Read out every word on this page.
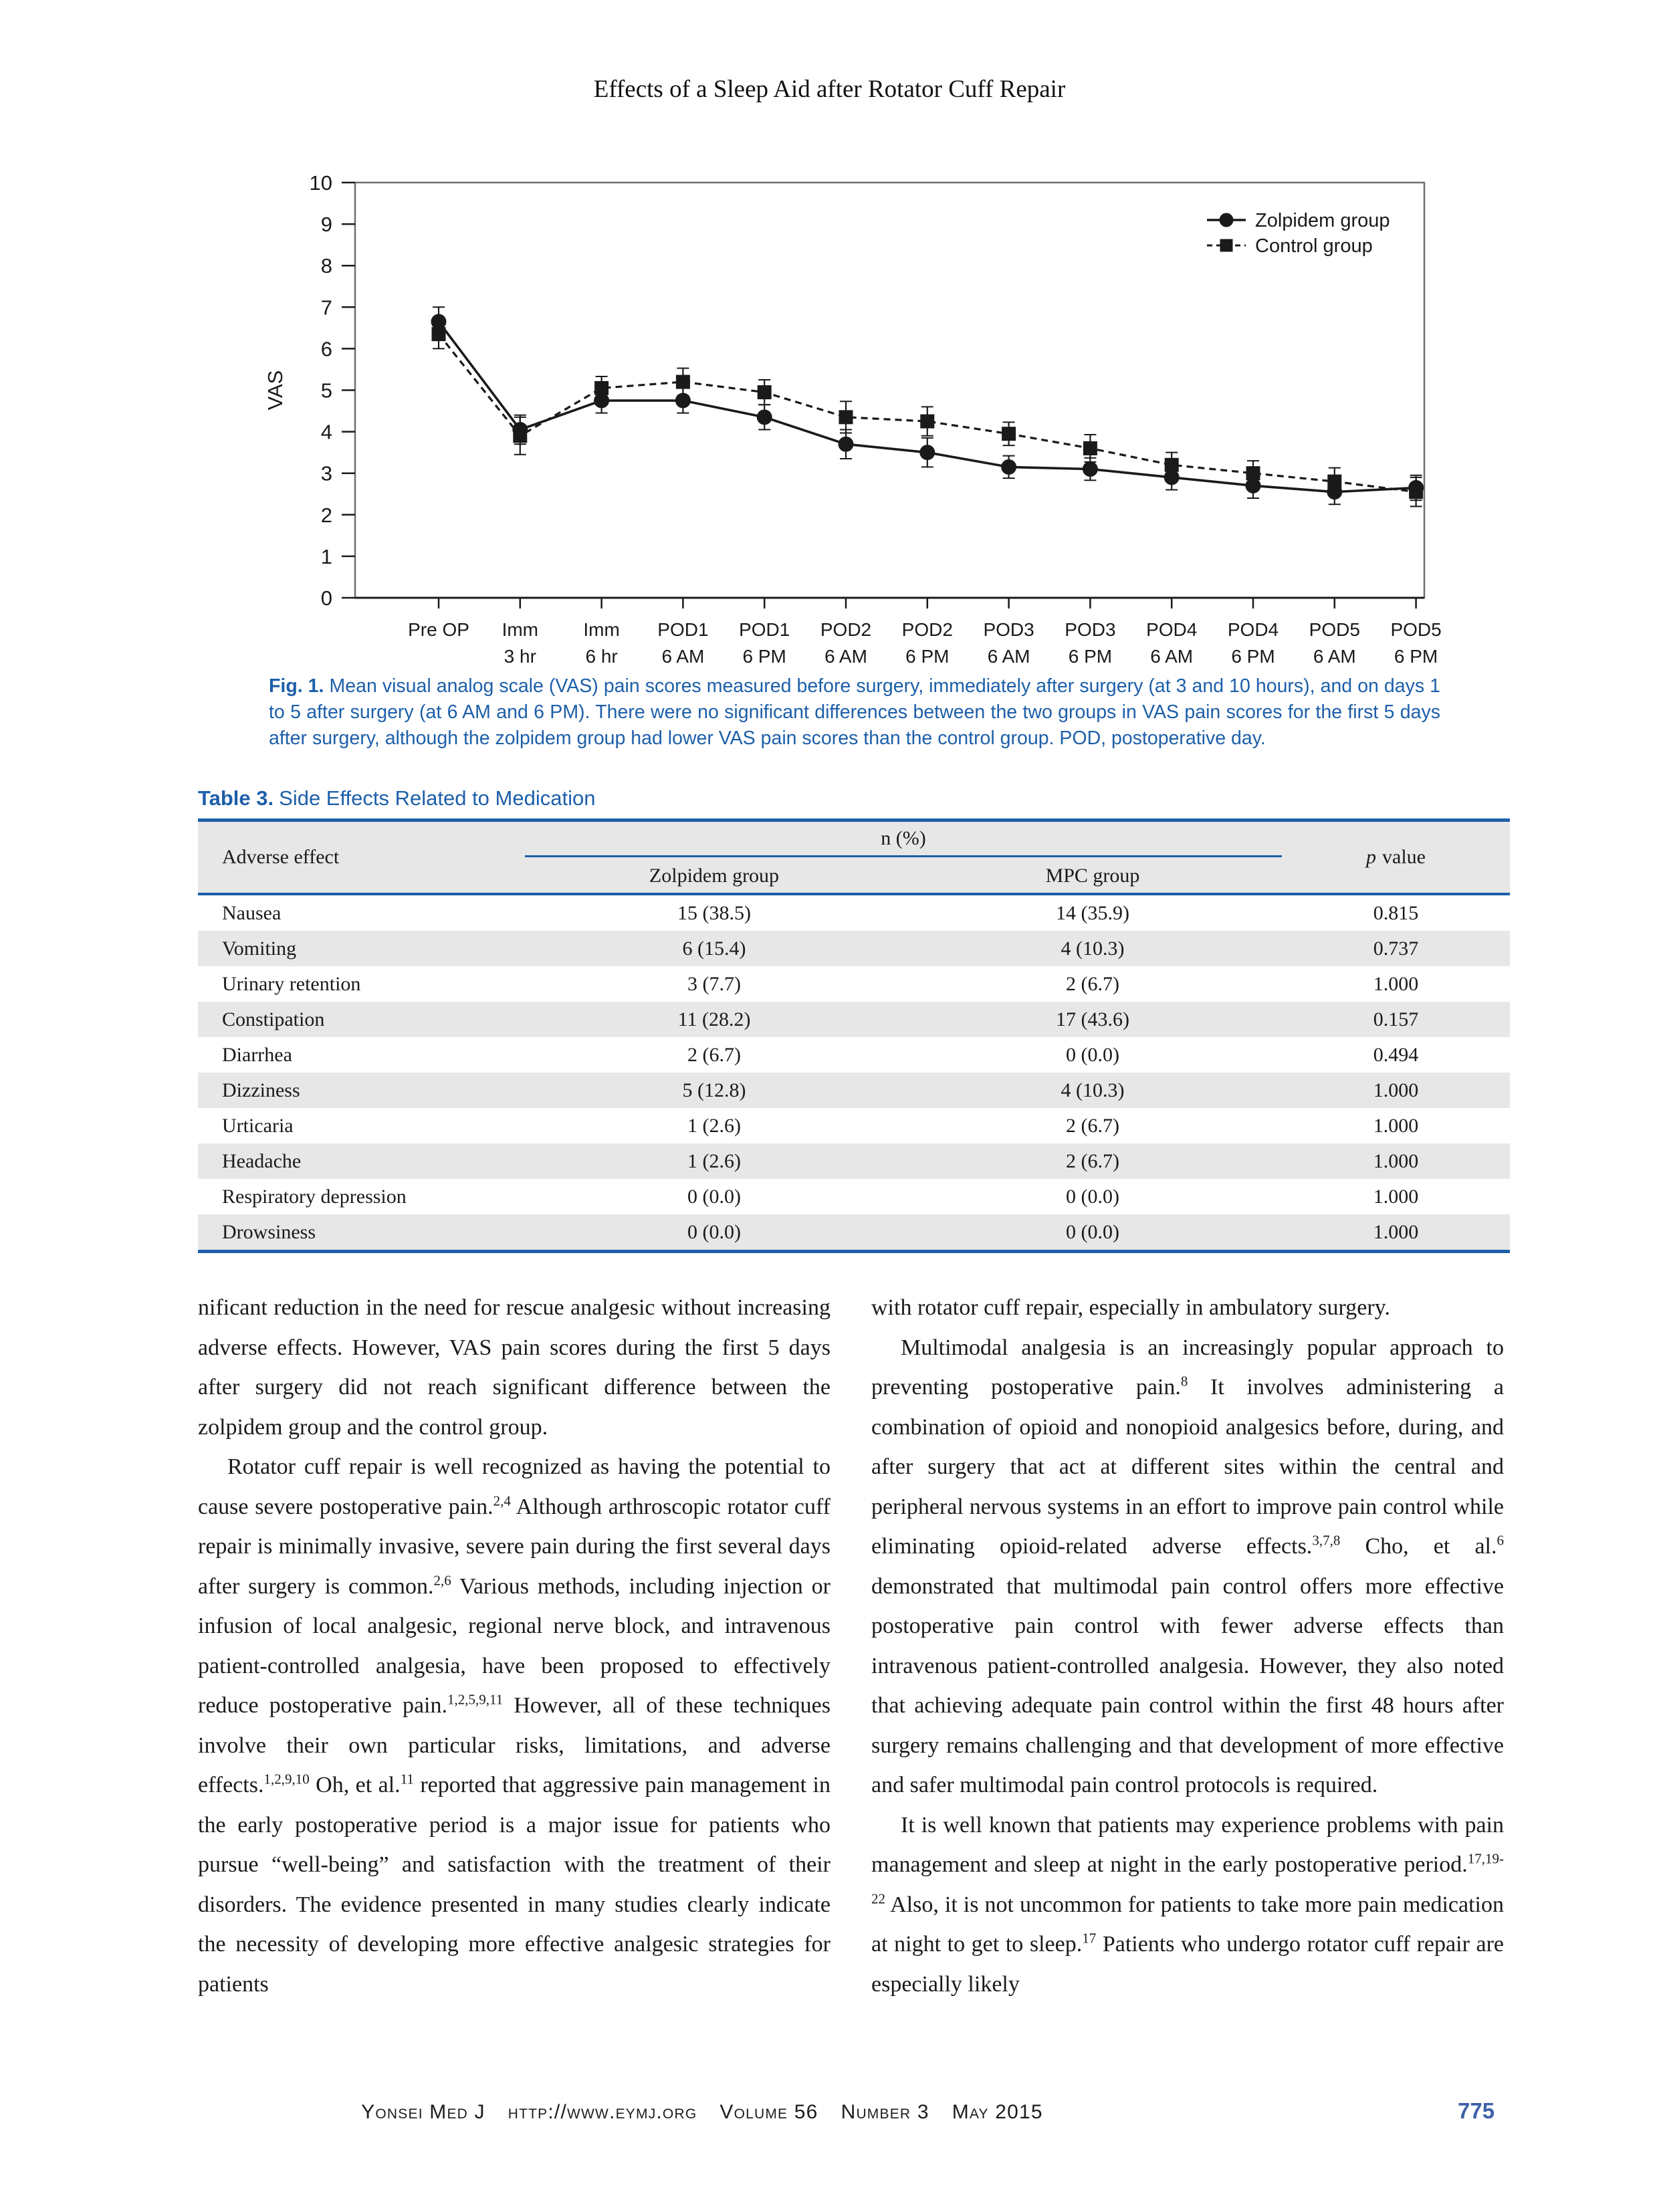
Effects of a Sleep Aid after Rotator Cuff Repair
0
1
2
3
4
5
6
7
8
9
10
VAS
Pre OP Imm
3 hr
Imm
6 hr
POD1
6 AM
POD1
6 PM
POD2
6 AM
POD2
6 PM
POD3
6 AM
POD3
6 PM
POD4
6 AM
POD4
6 PM
POD5
6 AM
POD5
6 PM
Zolpidem group
Control group
Fig. 1. Mean visual analog scale (VAS) pain scores measured before surgery, immediately after surgery (at 3 and 10 hours), and on days 1 to 5 after surgery (at 6 AM and 6 PM). There were no significant differences between the two groups in VAS pain scores for the first 5 days after surgery, although the zolpidem group had lower VAS pain scores than the control group. POD, postoperative day.
Table 3. Side Effects Related to Medication
Adverse effect
n (%)
Zolpidem group	MPC group
p value
Nausea	15 (38.5)	14 (35.9)	0.815
Vomiting	6 (15.4)	4 (10.3)	0.737
Urinary retention	3 (7.7)	2 (6.7)	1.000
Constipation	11 (28.2)	17 (43.6)	0.157
Diarrhea	2 (6.7)	0 (0.0)	0.494
Dizziness	5 (12.8)	4 (10.3)	1.000
Urticaria	1 (2.6)	2 (6.7)	1.000
Headache	1 (2.6)	2 (6.7)	1.000
Respiratory depression	0 (0.0)	0 (0.0)	1.000
Drowsiness	0 (0.0)	0 (0.0)	1.000

nificant reduction in the need for rescue analgesic without increasing adverse effects. However, VAS pain scores during the first 5 days after surgery did not reach significant difference between the zolpidem group and the control group.

Rotator cuff repair is well recognized as having the potential to cause severe postoperative pain.$^{2,4}$ Although arthroscopic rotator cuff repair is minimally invasive, severe pain during the first several days after surgery is common.$^{2,6}$ Various methods, including injection or infusion of local analgesic, regional nerve block, and intravenous patient-controlled analgesia, have been proposed to effectively reduce postoperative pain.$^{1,2,5,9,11}$ However, all of these techniques involve their own particular risks, limitations, and adverse effects.$^{1,2,9,10}$ Oh, et al.$^{11}$ reported that aggressive pain management in the early postoperative period is a major issue for patients who pursue “well-being” and satisfaction with the treatment of their disorders. The evidence presented in many studies clearly indicate the necessity of developing more effective analgesic strategies for patients

with rotator cuff repair, especially in ambulatory surgery.

Multimodal analgesia is an increasingly popular approach to preventing postoperative pain.$^8$ It involves administering a combination of opioid and nonopioid analgesics before, during, and after surgery that act at different sites within the central and peripheral nervous systems in an effort to improve pain control while eliminating opioid-related adverse effects.$^{3,7,8}$ Cho, et al.$^6$ demonstrated that multimodal pain control offers more effective postoperative pain control with fewer adverse effects than intravenous patient-controlled analgesia. However, they also noted that achieving adequate pain control within the first 48 hours after surgery remains challenging and that development of more effective and safer multimodal pain control protocols is required.

It is well known that patients may experience problems with pain management and sleep at night in the early postoperative period.$^{17,19-22}$ Also, it is not uncommon for patients to take more pain medication at night to get to sleep.$^{17}$ Patients who undergo rotator cuff repair are especially likely

Yonsei Med J http://www.eymj.org Volume 56 Number 3 May 2015	775
